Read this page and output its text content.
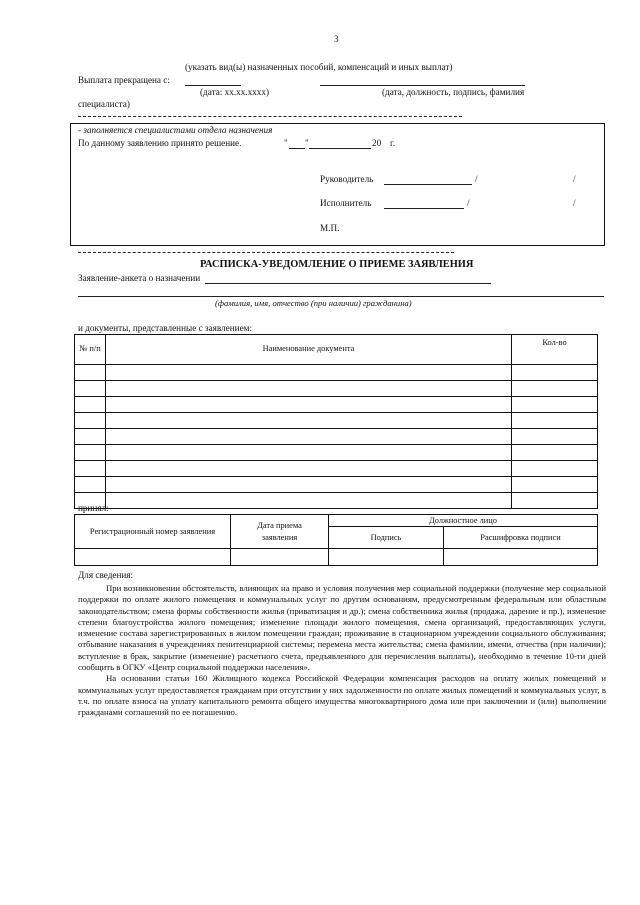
3
(указать вид(ы) назначенных пособий, компенсаций и иных выплат)
Выплата прекращена с:
(дата: хх.хх.хххх)	(дата, должность, подпись, фамилия
специалиста)
- заполняется специалистами отдела назначения
По данному заявлению принято решение.	" "	20 г.
Руководитель	/	/
Исполнитель	/	/
М.П.
РАСПИСКА-УВЕДОМЛЕНИЕ О ПРИЕМЕ ЗАЯВЛЕНИЯ
Заявление-анкета о назначении
(фамилия, имя, отчество (при наличии) гражданина)
и документы, представленные с заявлением:
№ п/п	Наименование документа	Кол-во

принял:
Регистрационный номер заявления	Дата приема заявления	Должностное лицо	
		Подпись	Расшифровка подписи

Для сведения:

При возникновении обстоятельств, влияющих на право и условия получения мер социальной поддержки (получение мер социальной поддержки по оплате жилого помещения и коммунальных услуг по другим основаниям, предусмотренным федеральным или областным законодательством; смена формы собственности жилья (приватизация и др.); смена собственника жилья (продажа, дарение и пр.), изменение степени благоустройства жилого помещения; изменение площади жилого помещения, смена организаций, предоставляющих услуги, изменение состава зарегистрированных в жилом помещении граждан; проживание в стационарном учреждении социального обслуживания; отбывание наказания в учреждениях пенитенциарной системы; перемена места жительства; смена фамилии, имени, отчества (при наличии); вступление в брак, закрытие (изменение) расчетного счета, предъявленного для перечисления выплаты), необходимо в течение 10-ти дней сообщить в ОГКУ «Центр социальной поддержки населения».

На основании статьи 160 Жилищного кодекса Российской Федерации компенсация расходов на оплату жилых помещений и коммунальных услуг предоставляется гражданам при отсутствии у них задолженности по оплате жилых помещений и коммунальных услуг, в т.ч. по оплате взноса на уплату капитального ремонта общего имущества многоквартирного дома или при заключении и (или) выполнении гражданами соглашений по ее погашению.
